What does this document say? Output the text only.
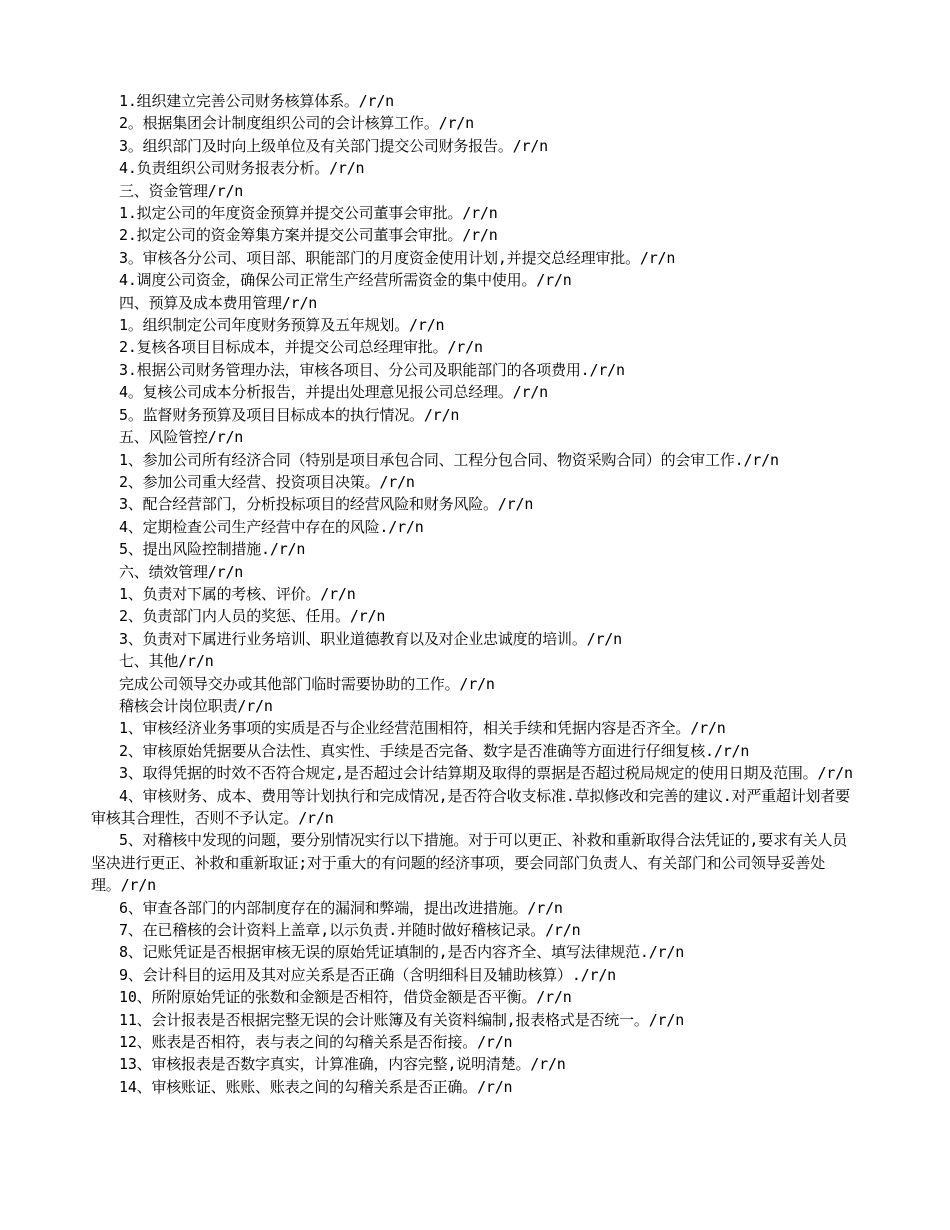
1.组织建立完善公司财务核算体系。/r/n

2。根据集团会计制度组织公司的会计核算工作。/r/n

3。组织部门及时向上级单位及有关部门提交公司财务报告。/r/n

4.负责组织公司财务报表分析。/r/n

三、资金管理/r/n

1.拟定公司的年度资金预算并提交公司董事会审批。/r/n

2.拟定公司的资金筹集方案并提交公司董事会审批。/r/n

3。审核各分公司、项目部、职能部门的月度资金使用计划,并提交总经理审批。/r/n

4.调度公司资金，确保公司正常生产经营所需资金的集中使用。/r/n

四、预算及成本费用管理/r/n

1。组织制定公司年度财务预算及五年规划。/r/n

2.复核各项目目标成本，并提交公司总经理审批。/r/n

3.根据公司财务管理办法，审核各项目、分公司及职能部门的各项费用./r/n

4。复核公司成本分析报告，并提出处理意见报公司总经理。/r/n

5。监督财务预算及项目目标成本的执行情况。/r/n

五、风险管控/r/n

1、参加公司所有经济合同（特别是项目承包合同、工程分包合同、物资采购合同）的会审工作./r/n

2、参加公司重大经营、投资项目决策。/r/n

3、配合经营部门，分析投标项目的经营风险和财务风险。/r/n

4、定期检查公司生产经营中存在的风险./r/n

5、提出风险控制措施./r/n

六、绩效管理/r/n

1、负责对下属的考核、评价。/r/n

2、负责部门内人员的奖惩、任用。/r/n

3、负责对下属进行业务培训、职业道德教育以及对企业忠诚度的培训。/r/n

七、其他/r/n

完成公司领导交办或其他部门临时需要协助的工作。/r/n

稽核会计岗位职责/r/n

1、审核经济业务事项的实质是否与企业经营范围相符，相关手续和凭据内容是否齐全。/r/n

2、审核原始凭据要从合法性、真实性、手续是否完备、数字是否准确等方面进行仔细复核./r/n

3、取得凭据的时效不否符合规定,是否超过会计结算期及取得的票据是否超过税局规定的使用日期及范围。/r/n

4、审核财务、成本、费用等计划执行和完成情况,是否符合收支标准.草拟修改和完善的建议.对严重超计划者要审核其合理性，否则不予认定。/r/n

5、对稽核中发现的问题，要分别情况实行以下措施。对于可以更正、补救和重新取得合法凭证的,要求有关人员坚决进行更正、补救和重新取证;对于重大的有问题的经济事项，要会同部门负责人、有关部门和公司领导妥善处理。/r/n

6、审查各部门的内部制度存在的漏洞和弊端，提出改进措施。/r/n

7、在已稽核的会计资料上盖章,以示负责.并随时做好稽核记录。/r/n

8、记账凭证是否根据审核无误的原始凭证填制的,是否内容齐全、填写法律规范./r/n

9、会计科目的运用及其对应关系是否正确（含明细科目及辅助核算）./r/n

10、所附原始凭证的张数和金额是否相符，借贷金额是否平衡。/r/n

11、会计报表是否根据完整无误的会计账簿及有关资料编制,报表格式是否统一。/r/n

12、账表是否相符，表与表之间的勾稽关系是否衔接。/r/n

13、审核报表是否数字真实，计算准确，内容完整,说明清楚。/r/n

14、审核账证、账账、账表之间的勾稽关系是否正确。/r/n
